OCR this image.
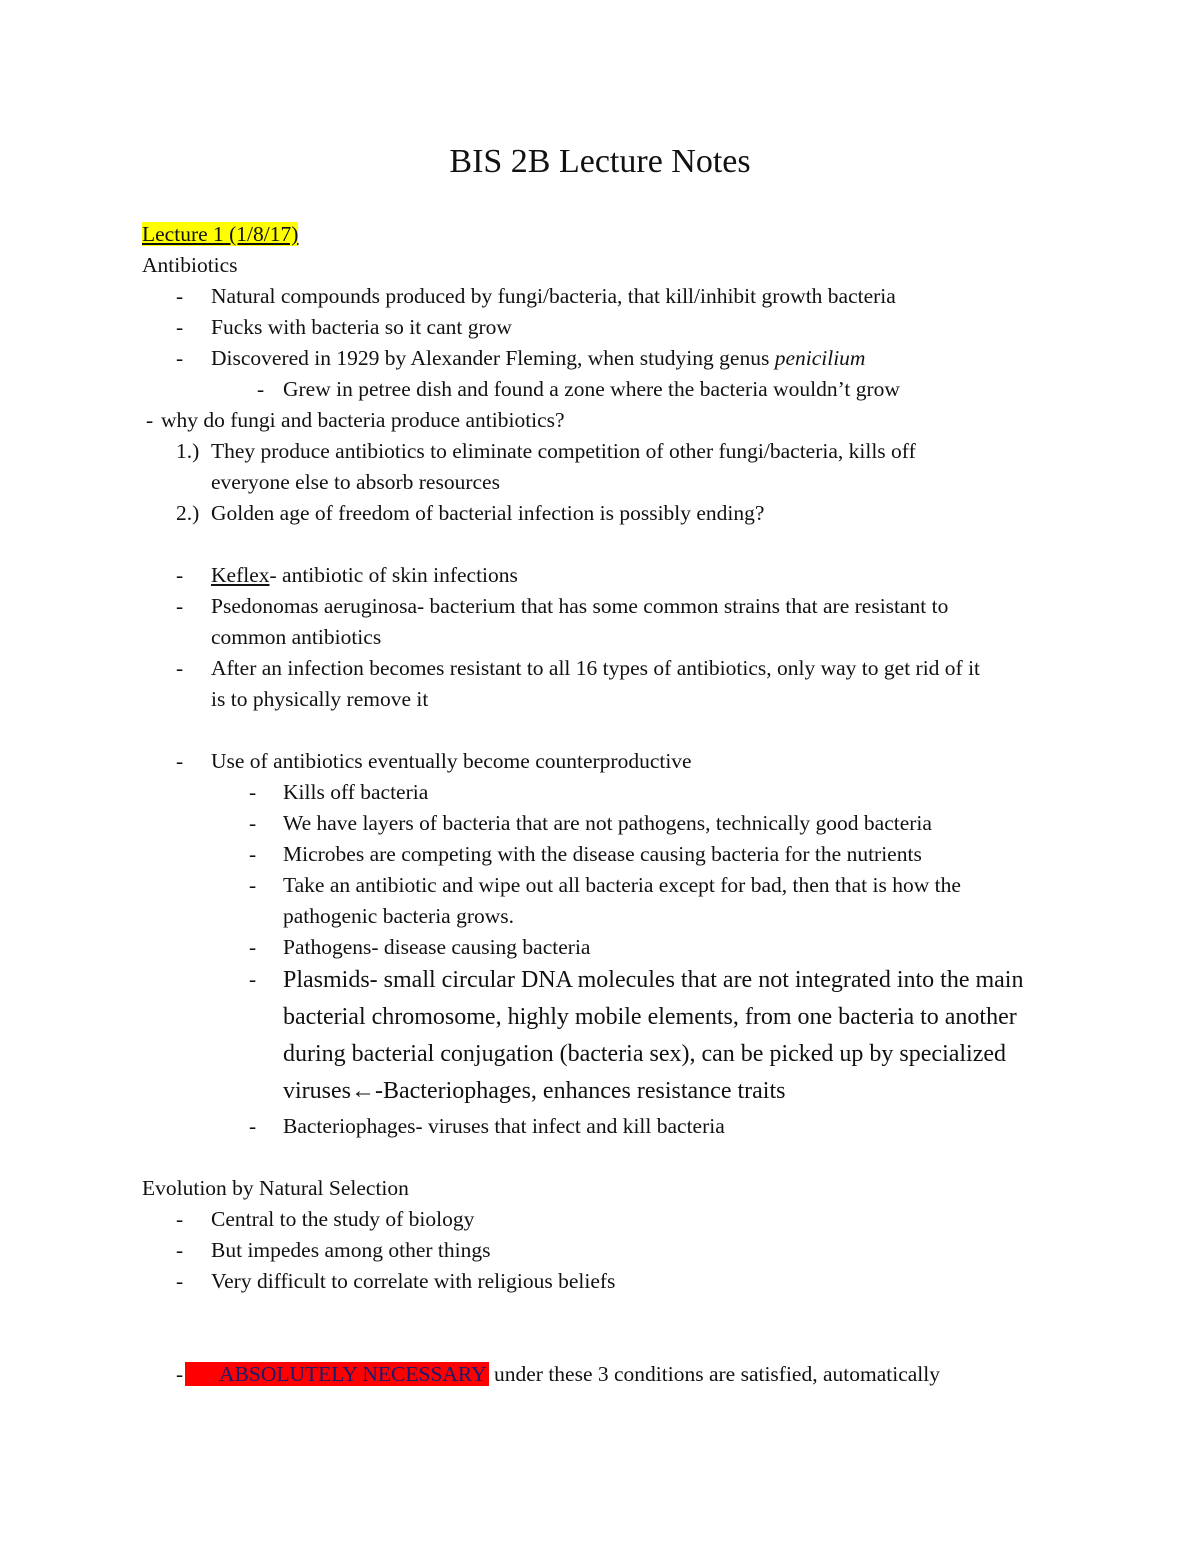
BIS 2B Lecture Notes
Lecture 1 (1/8/17)
Antibiotics
- Natural compounds produced by fungi/bacteria, that kill/inhibit growth bacteria
- Fucks with bacteria so it cant grow
- Discovered in 1929 by Alexander Fleming, when studying genus penicilium
- Grew in petree dish and found a zone where the bacteria wouldn’t grow
- why do fungi and bacteria produce antibiotics?
1.) They produce antibiotics to eliminate competition of other fungi/bacteria, kills off
everyone else to absorb resources
2.) Golden age of freedom of bacterial infection is possibly ending?
- Keflex- antibiotic of skin infections
- Psedonomas aeruginosa- bacterium that has some common strains that are resistant to
common antibiotics
- After an infection becomes resistant to all 16 types of antibiotics, only way to get rid of it
is to physically remove it
- Use of antibiotics eventually become counterproductive
- Kills off bacteria
- We have layers of bacteria that are not pathogens, technically good bacteria
- Microbes are competing with the disease causing bacteria for the nutrients
- Take an antibiotic and wipe out all bacteria except for bad, then that is how the
pathogenic bacteria grows.
- Pathogens- disease causing bacteria
- Plasmids- small circular DNA molecules that are not integrated into the main
bacterial chromosome, highly mobile elements, from one bacteria to another
during bacterial conjugation (bacteria sex), can be picked up by specialized
viruses←-Bacteriophages, enhances resistance traits
- Bacteriophages- viruses that infect and kill bacteria
Evolution by Natural Selection
- Central to the study of biology
- But impedes among other things
- Very difficult to correlate with religious beliefs
-	ABSOLUTELY NECESSARY under these 3 conditions are satisfied, automatically
